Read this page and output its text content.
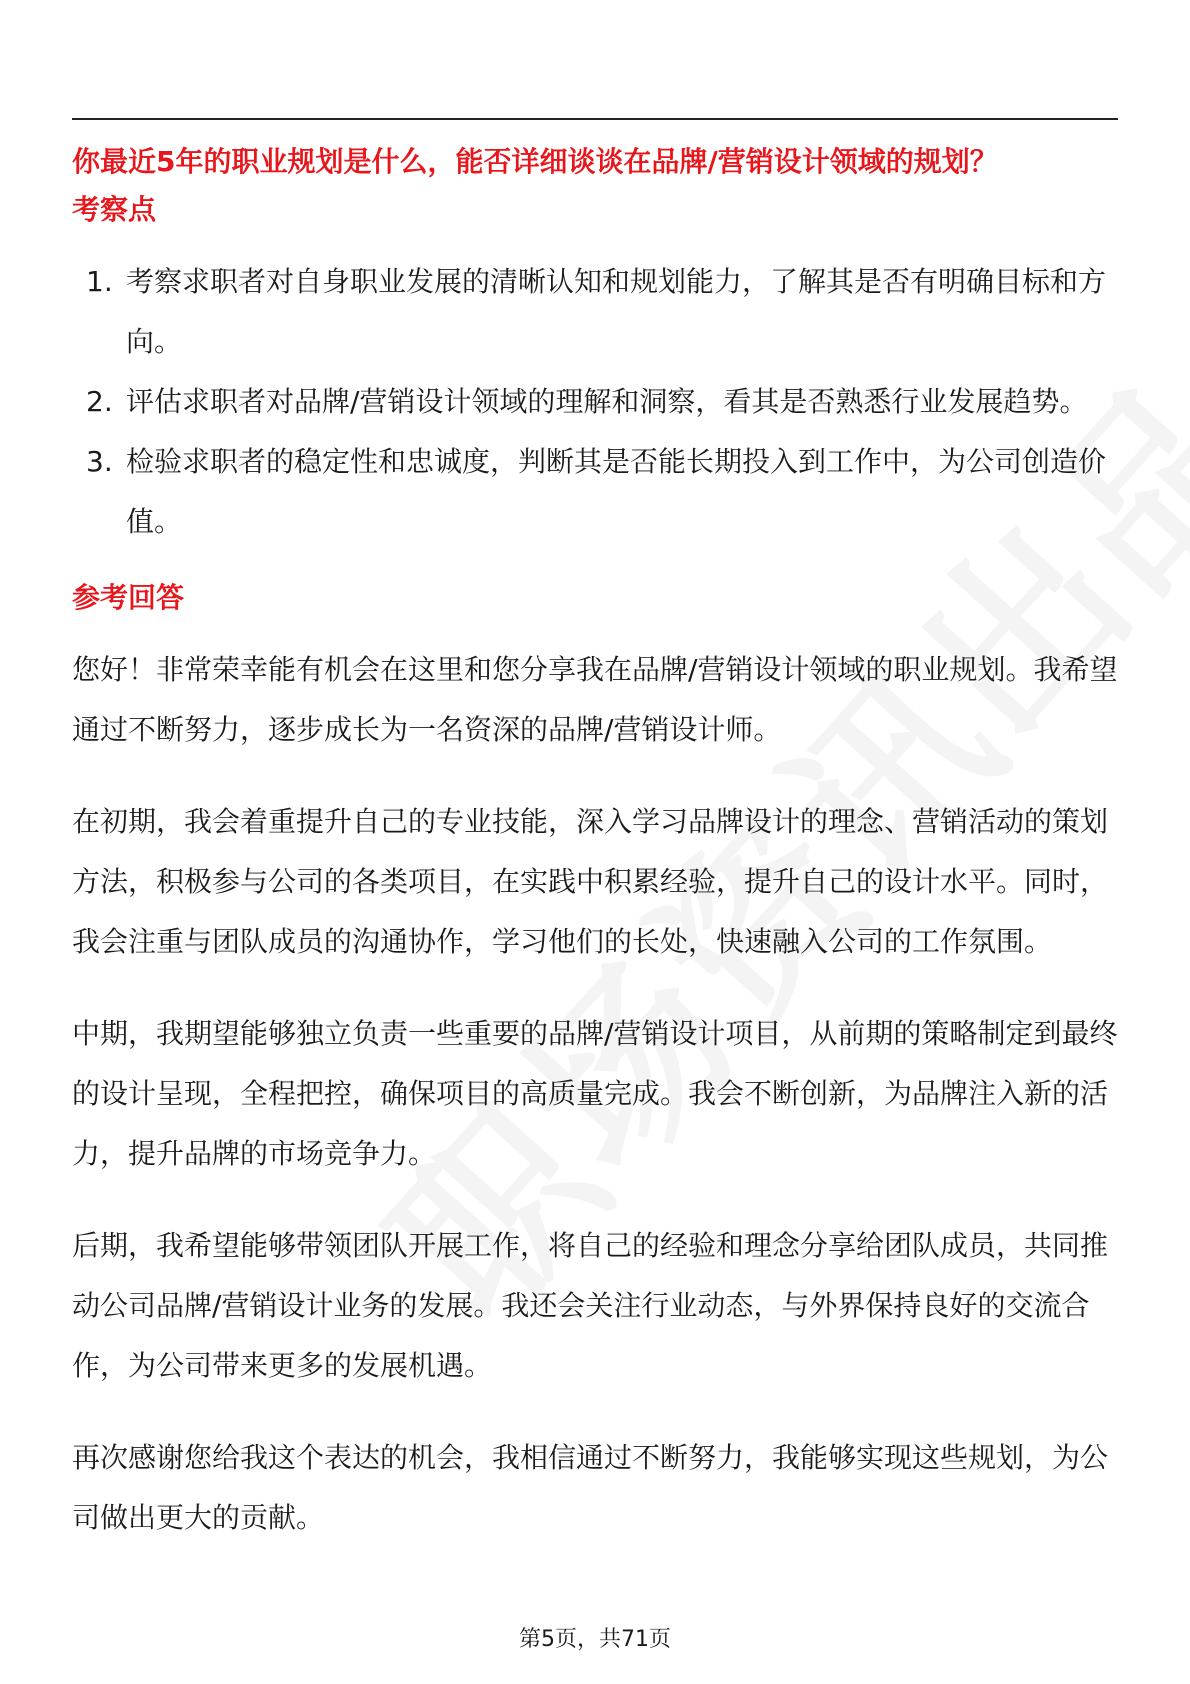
你最近5年的职业规划是什么，能否详细谈谈在品牌/营销设计领域的规划？

考察点

1. 考察求职者对自身职业发展的清晰认知和规划能力，了解其是否有明确目标和方向。
2. 评估求职者对品牌/营销设计领域的理解和洞察，看其是否熟悉行业发展趋势。
3. 检验求职者的稳定性和忠诚度，判断其是否能长期投入到工作中，为公司创造价值。

参考回答

您好！非常荣幸能有机会在这里和您分享我在品牌/营销设计领域的职业规划。我希望通过不断努力，逐步成长为一名资深的品牌/营销设计师。

在初期，我会着重提升自己的专业技能，深入学习品牌设计的理念、营销活动的策划方法，积极参与公司的各类项目，在实践中积累经验，提升自己的设计水平。同时，我会注重与团队成员的沟通协作，学习他们的长处，快速融入公司的工作氛围。

中期，我期望能够独立负责一些重要的品牌/营销设计项目，从前期的策略制定到最终的设计呈现，全程把控，确保项目的高质量完成。我会不断创新，为品牌注入新的活力，提升品牌的市场竞争力。

后期，我希望能够带领团队开展工作，将自己的经验和理念分享给团队成员，共同推动公司品牌/营销设计业务的发展。我还会关注行业动态，与外界保持良好的交流合作，为公司带来更多的发展机遇。

再次感谢您给我这个表达的机会，我相信通过不断努力，我能够实现这些规划，为公司做出更大的贡献。

第5页，共71页
